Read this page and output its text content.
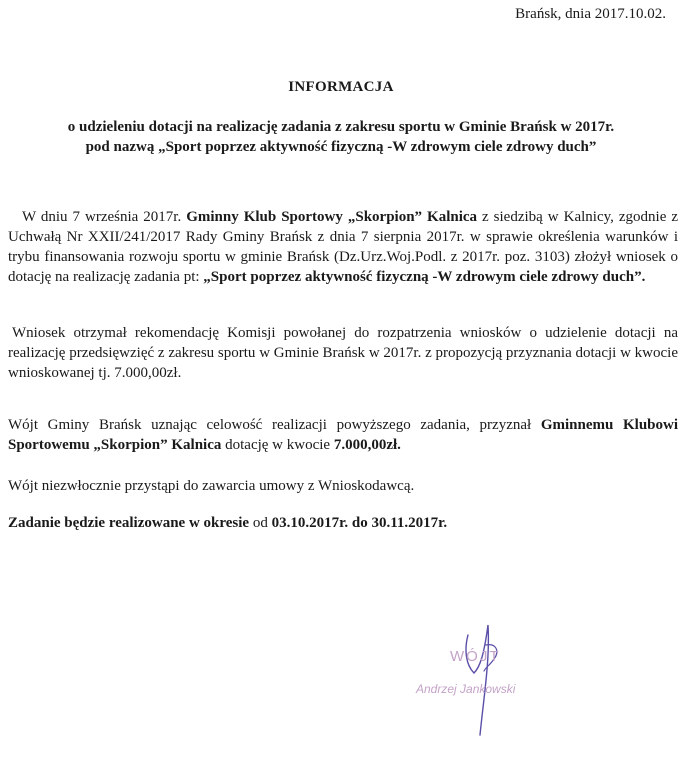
Brańsk, dnia 2017.10.02.
INFORMACJA
o udzieleniu dotacji na realizację zadania z zakresu sportu w Gminie Brańsk w 2017r.
pod nazwą „Sport poprzez aktywność fizyczną -W zdrowym ciele zdrowy duch”
W dniu 7 września 2017r. Gminny Klub Sportowy „Skorpion” Kalnica z siedzibą w Kalnicy, zgodnie z Uchwałą Nr XXII/241/2017 Rady Gminy Brańsk z dnia 7 sierpnia 2017r. w sprawie określenia warunków i trybu finansowania rozwoju sportu w gminie Brańsk (Dz.Urz.Woj.Podl. z 2017r. poz. 3103) złożył wniosek o dotację na realizację zadania pt: „Sport poprzez aktywność fizyczną -W zdrowym ciele zdrowy duch”.
Wniosek otrzymał rekomendację Komisji powołanej do rozpatrzenia wniosków o udzielenie dotacji na realizację przedsięwzięć z zakresu sportu w Gminie Brańsk w 2017r. z propozycją przyznania dotacji w kwocie wnioskowanej tj. 7.000,00zł.
Wójt Gminy Brańsk uznając celowość realizacji powyższego zadania, przyznał Gminnemu Klubowi Sportowemu „Skorpion” Kalnica dotację w kwocie 7.000,00zł.
Wójt niezwłocznie przystąpi do zawarcia umowy z Wnioskodawcą.
Zadanie będzie realizowane w okresie od 03.10.2017r. do 30.11.2017r.
WÓJT
Andrzej Jankowski
